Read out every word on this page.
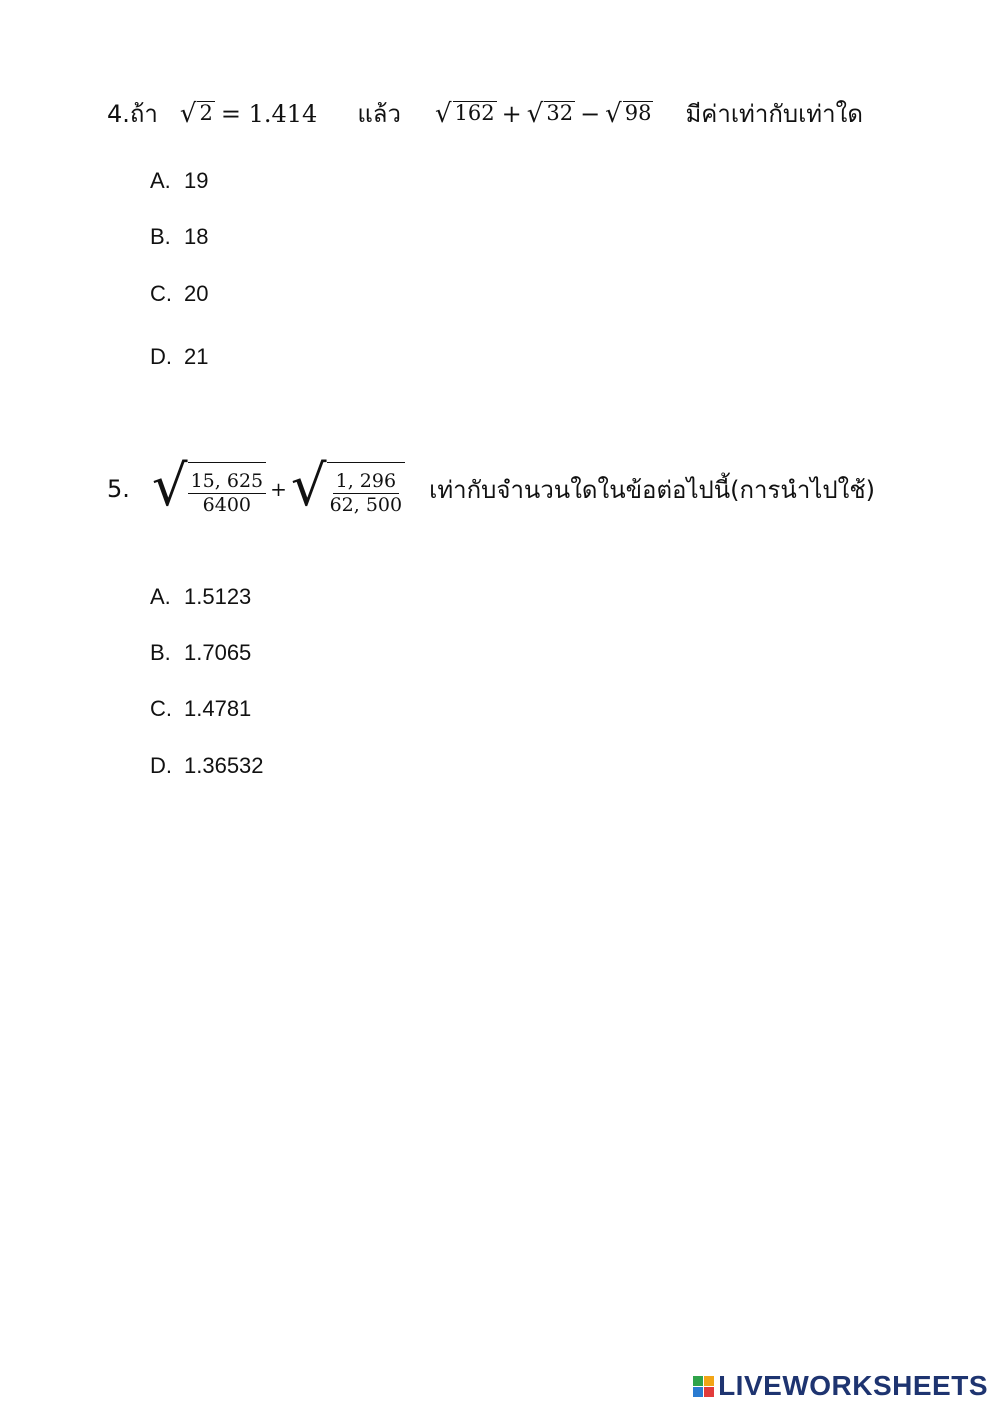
4.ถ้า √ 2 = 1.414 แล้ว √ 162 + √ 32 − √ 98 มีค่าเท่ากับเท่าใด
A. 19
B. 18
C. 20
D. 21
5. √ $\frac{15, 625}{6400}$ + √ $\frac{1, 296}{62, 500}$ เท่ากับจำนวนใดในข้อต่อไปนี้(การนำไปใช้)
A. 1.5123
B. 1.7065
C. 1.4781
D. 1.36532
LIVEWORKSHEETS
